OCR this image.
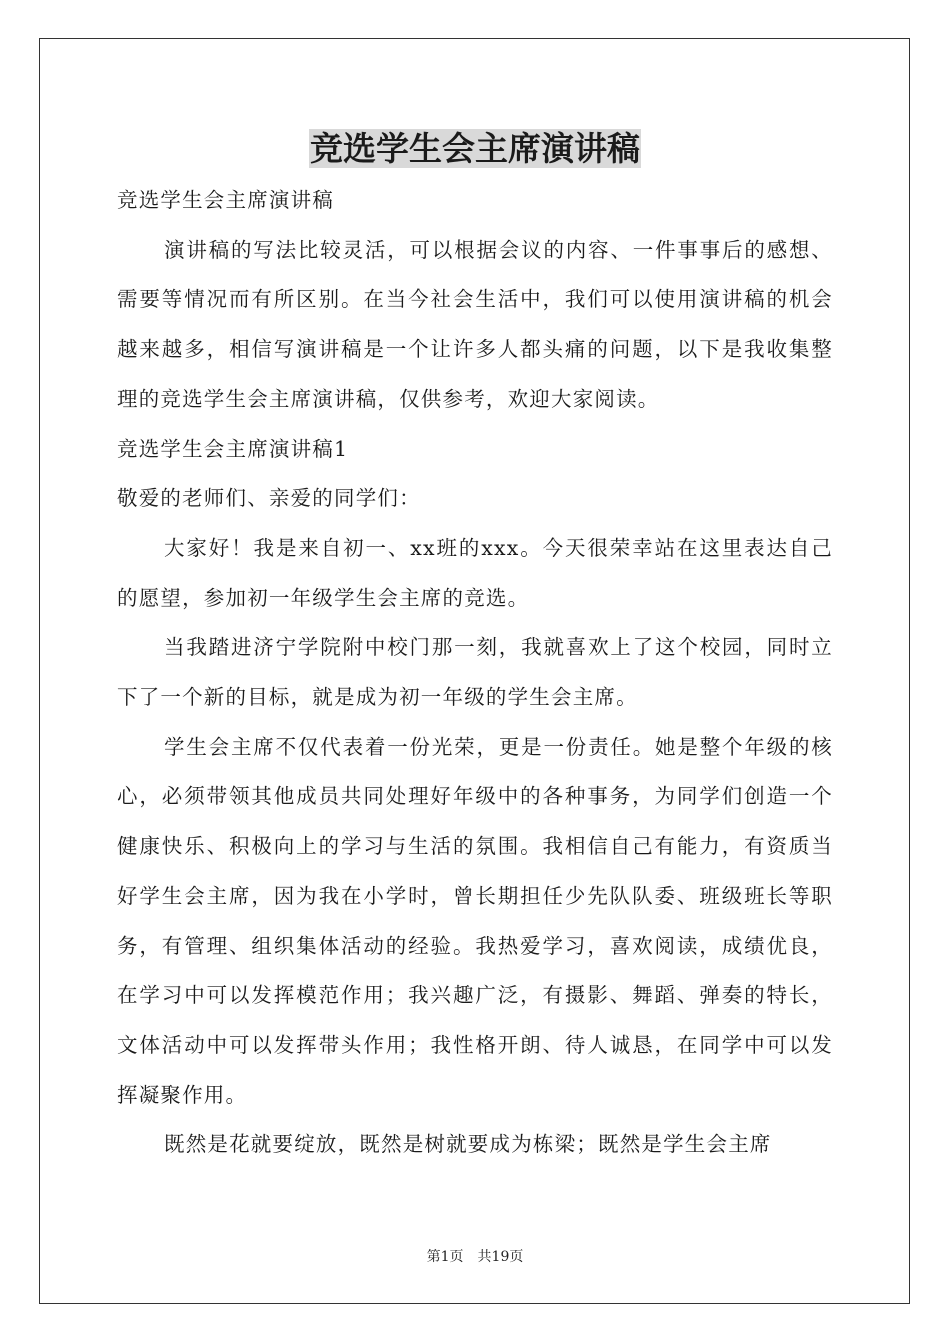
竞选学生会主席演讲稿

竞选学生会主席演讲稿

演讲稿的写法比较灵活，可以根据会议的内容、一件事事后的感想、需要等情况而有所区别。在当今社会生活中，我们可以使用演讲稿的机会越来越多，相信写演讲稿是一个让许多人都头痛的问题，以下是我收集整理的竞选学生会主席演讲稿，仅供参考，欢迎大家阅读。

竞选学生会主席演讲稿1

敬爱的老师们、亲爱的同学们：

大家好！我是来自初一、xx班的xxx。今天很荣幸站在这里表达自己的愿望，参加初一年级学生会主席的竞选。

当我踏进济宁学院附中校门那一刻，我就喜欢上了这个校园，同时立下了一个新的目标，就是成为初一年级的学生会主席。

学生会主席不仅代表着一份光荣，更是一份责任。她是整个年级的核心，必须带领其他成员共同处理好年级中的各种事务，为同学们创造一个健康快乐、积极向上的学习与生活的氛围。我相信自己有能力，有资质当好学生会主席，因为我在小学时，曾长期担任少先队队委、班级班长等职务，有管理、组织集体活动的经验。我热爱学习，喜欢阅读，成绩优良，在学习中可以发挥模范作用；我兴趣广泛，有摄影、舞蹈、弹奏的特长，文体活动中可以发挥带头作用；我性格开朗、待人诚恳，在同学中可以发挥凝聚作用。

既然是花就要绽放，既然是树就要成为栋梁；既然是学生会主席

第1页 共19页
